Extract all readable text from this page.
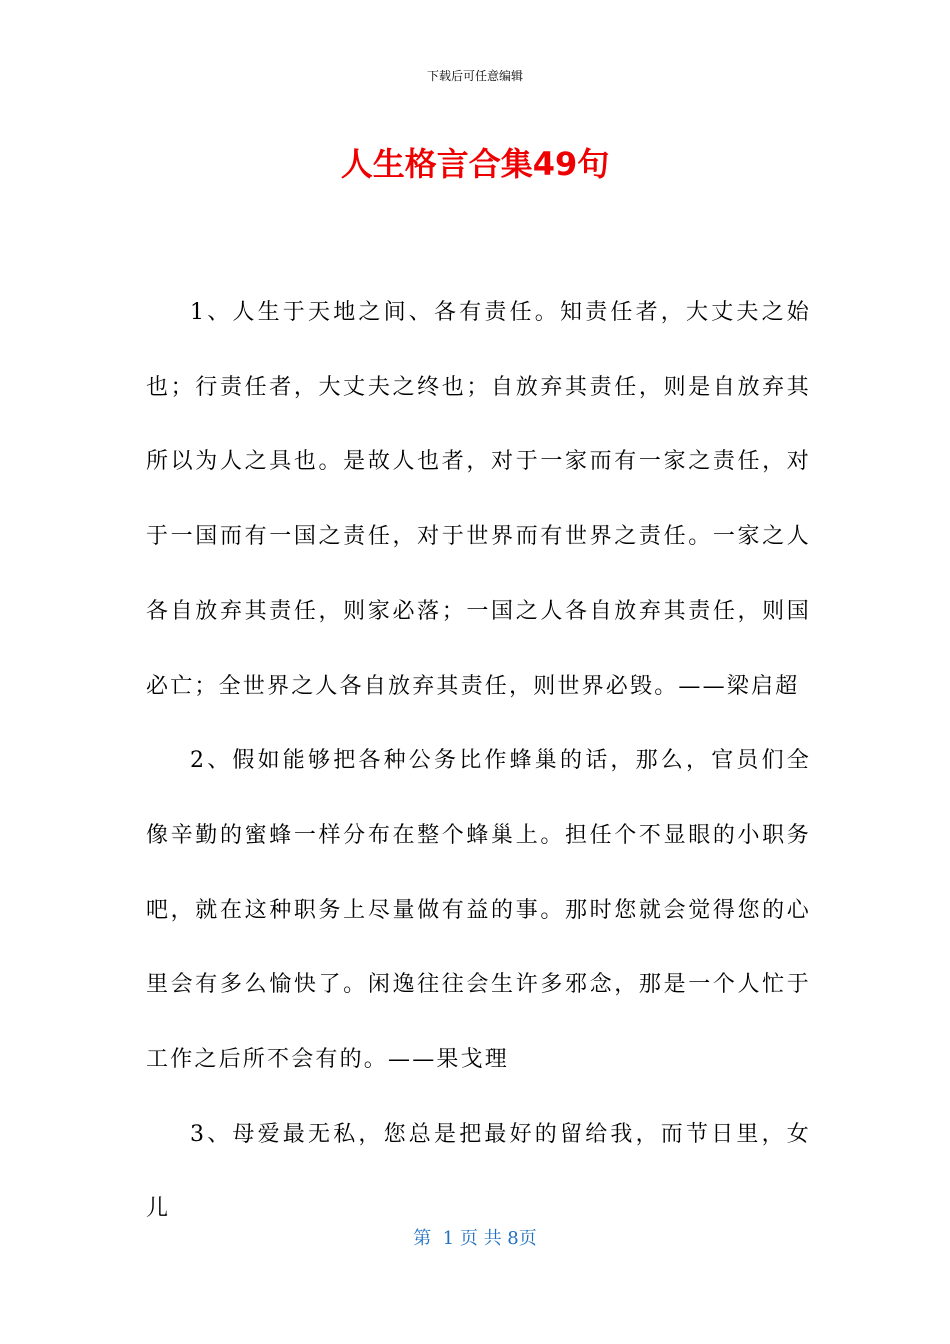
下载后可任意编辑
人生格言合集49句

1、人生于天地之间、各有责任。知责任者，大丈夫之始也；行责任者，大丈夫之终也；自放弃其责任，则是自放弃其所以为人之具也。是故人也者，对于一家而有一家之责任，对于一国而有一国之责任，对于世界而有世界之责任。一家之人各自放弃其责任，则家必落；一国之人各自放弃其责任，则国必亡；全世界之人各自放弃其责任，则世界必毁。——梁启超

2、假如能够把各种公务比作蜂巢的话，那么，官员们全像辛勤的蜜蜂一样分布在整个蜂巢上。担任个不显眼的小职务吧，就在这种职务上尽量做有益的事。那时您就会觉得您的心里会有多么愉快了。闲逸往往会生许多邪念，那是一个人忙于工作之后所不会有的。——果戈理

3、母爱最无私，您总是把最好的留给我，而节日里，女儿

第  1 页 共 8页
